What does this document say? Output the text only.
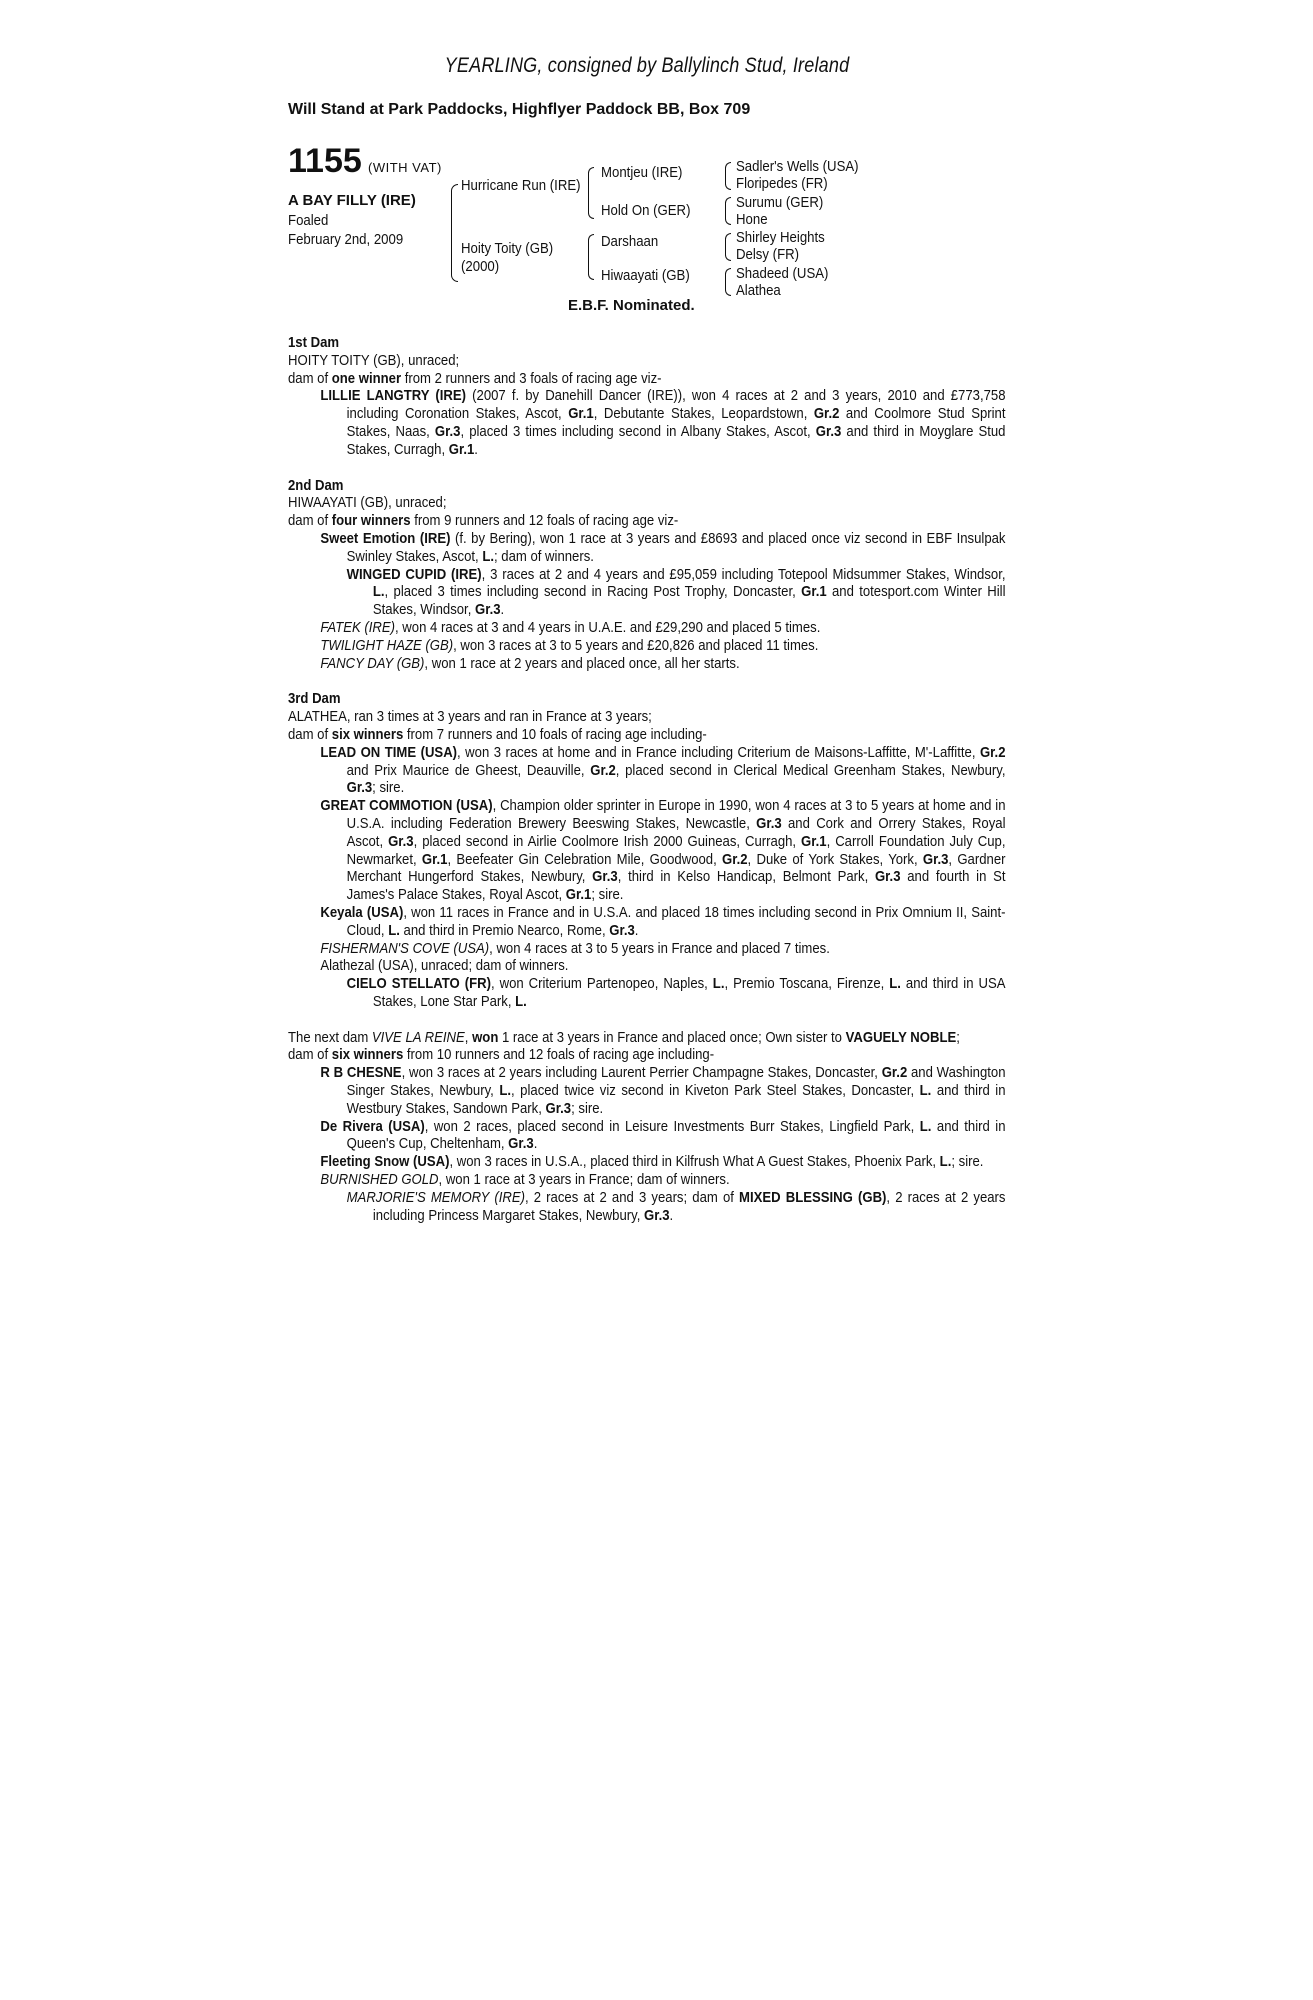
YEARLING, consigned by Ballylinch Stud, Ireland
Will Stand at Park Paddocks, Highflyer Paddock BB, Box 709
1155 (WITH VAT)
A BAY FILLY (IRE)
Foaled
February 2nd, 2009
Hurricane Run (IRE)
Hoity Toity (GB)
(2000)
Montjeu (IRE)
Hold On (GER)
Darshaan
Hiwaayati (GB)
Sadler's Wells (USA)
Floripedes (FR)
Surumu (GER)
Hone
Shirley Heights
Delsy (FR)
Shadeed (USA)
Alathea
E.B.F. Nominated.
1st Dam
HOITY TOITY (GB), unraced;
dam of one winner from 2 runners and 3 foals of racing age viz-
LILLIE LANGTRY (IRE) (2007 f. by Danehill Dancer (IRE)), won 4 races at 2 and 3 years, 2010 and £773,758 including Coronation Stakes, Ascot, Gr.1, Debutante Stakes, Leopardstown, Gr.2 and Coolmore Stud Sprint Stakes, Naas, Gr.3, placed 3 times including second in Albany Stakes, Ascot, Gr.3 and third in Moyglare Stud Stakes, Curragh, Gr.1.
2nd Dam
HIWAAYATI (GB), unraced;
dam of four winners from 9 runners and 12 foals of racing age viz-
Sweet Emotion (IRE) (f. by Bering), won 1 race at 3 years and £8693 and placed once viz second in EBF Insulpak Swinley Stakes, Ascot, L.; dam of winners.
WINGED CUPID (IRE), 3 races at 2 and 4 years and £95,059 including Totepool Midsummer Stakes, Windsor, L., placed 3 times including second in Racing Post Trophy, Doncaster, Gr.1 and totesport.com Winter Hill Stakes, Windsor, Gr.3.
FATEK (IRE), won 4 races at 3 and 4 years in U.A.E. and £29,290 and placed 5 times.
TWILIGHT HAZE (GB), won 3 races at 3 to 5 years and £20,826 and placed 11 times.
FANCY DAY (GB), won 1 race at 2 years and placed once, all her starts.
3rd Dam
ALATHEA, ran 3 times at 3 years and ran in France at 3 years;
dam of six winners from 7 runners and 10 foals of racing age including-
LEAD ON TIME (USA), won 3 races at home and in France including Criterium de Maisons-Laffitte, M'-Laffitte, Gr.2 and Prix Maurice de Gheest, Deauville, Gr.2, placed second in Clerical Medical Greenham Stakes, Newbury, Gr.3; sire.
GREAT COMMOTION (USA), Champion older sprinter in Europe in 1990, won 4 races at 3 to 5 years at home and in U.S.A. including Federation Brewery Beeswing Stakes, Newcastle, Gr.3 and Cork and Orrery Stakes, Royal Ascot, Gr.3, placed second in Airlie Coolmore Irish 2000 Guineas, Curragh, Gr.1, Carroll Foundation July Cup, Newmarket, Gr.1, Beefeater Gin Celebration Mile, Goodwood, Gr.2, Duke of York Stakes, York, Gr.3, Gardner Merchant Hungerford Stakes, Newbury, Gr.3, third in Kelso Handicap, Belmont Park, Gr.3 and fourth in St James's Palace Stakes, Royal Ascot, Gr.1; sire.
Keyala (USA), won 11 races in France and in U.S.A. and placed 18 times including second in Prix Omnium II, Saint-Cloud, L. and third in Premio Nearco, Rome, Gr.3.
FISHERMAN'S COVE (USA), won 4 races at 3 to 5 years in France and placed 7 times.
Alathezal (USA), unraced; dam of winners.
CIELO STELLATO (FR), won Criterium Partenopeo, Naples, L., Premio Toscana, Firenze, L. and third in USA Stakes, Lone Star Park, L.
The next dam VIVE LA REINE, won 1 race at 3 years in France and placed once; Own sister to VAGUELY NOBLE;
dam of six winners from 10 runners and 12 foals of racing age including-
R B CHESNE, won 3 races at 2 years including Laurent Perrier Champagne Stakes, Doncaster, Gr.2 and Washington Singer Stakes, Newbury, L., placed twice viz second in Kiveton Park Steel Stakes, Doncaster, L. and third in Westbury Stakes, Sandown Park, Gr.3; sire.
De Rivera (USA), won 2 races, placed second in Leisure Investments Burr Stakes, Lingfield Park, L. and third in Queen's Cup, Cheltenham, Gr.3.
Fleeting Snow (USA), won 3 races in U.S.A., placed third in Kilfrush What A Guest Stakes, Phoenix Park, L.; sire.
BURNISHED GOLD, won 1 race at 3 years in France; dam of winners.
MARJORIE'S MEMORY (IRE), 2 races at 2 and 3 years; dam of MIXED BLESSING (GB), 2 races at 2 years including Princess Margaret Stakes, Newbury, Gr.3.
